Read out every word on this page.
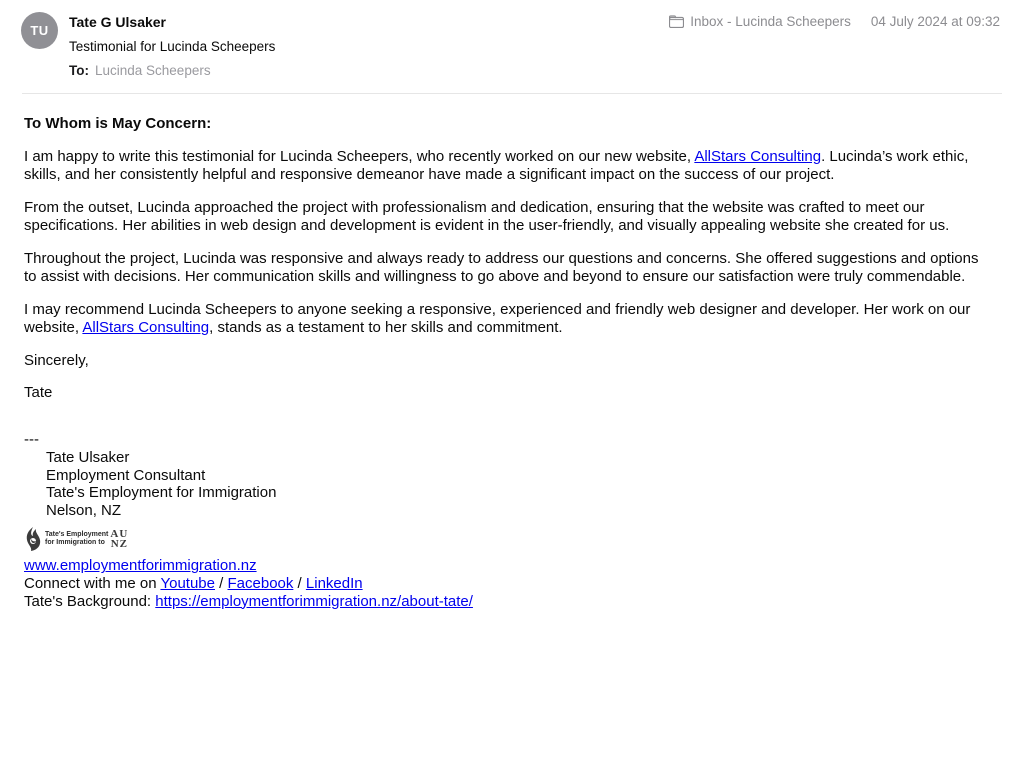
TU
Tate G Ulsaker
Testimonial for Lucinda Scheepers
To: Lucinda Scheepers
Inbox - Lucinda Scheepers 04 July 2024 at 09:32
To Whom is May Concern:

I am happy to write this testimonial for Lucinda Scheepers, who recently worked on our new website, AllStars Consulting. Lucinda’s work ethic, skills, and her consistently helpful and responsive demeanor have made a significant impact on the success of our project.

From the outset, Lucinda approached the project with professionalism and dedication, ensuring that the website was crafted to meet our specifications. Her abilities in web design and development is evident in the user-friendly, and visually appealing website she created for us.

Throughout the project, Lucinda was responsive and always ready to address our questions and concerns. She offered suggestions and options to assist with decisions. Her communication skills and willingness to go above and beyond to ensure our satisfaction were truly commendable.

I may recommend Lucinda Scheepers to anyone seeking a responsive, experienced and friendly web designer and developer. Her work on our website, AllStars Consulting, stands as a testament to her skills and commitment.

Sincerely,

Tate

---
Tate Ulsaker
Employment Consultant
Tate's Employment for Immigration
Nelson, NZ
Tate's Employment
for Immigration to
AU
NZ
www.employmentforimmigration.nz
Connect with me on Youtube / Facebook / LinkedIn
Tate's Background: https://employmentforimmigration.nz/about-tate/
